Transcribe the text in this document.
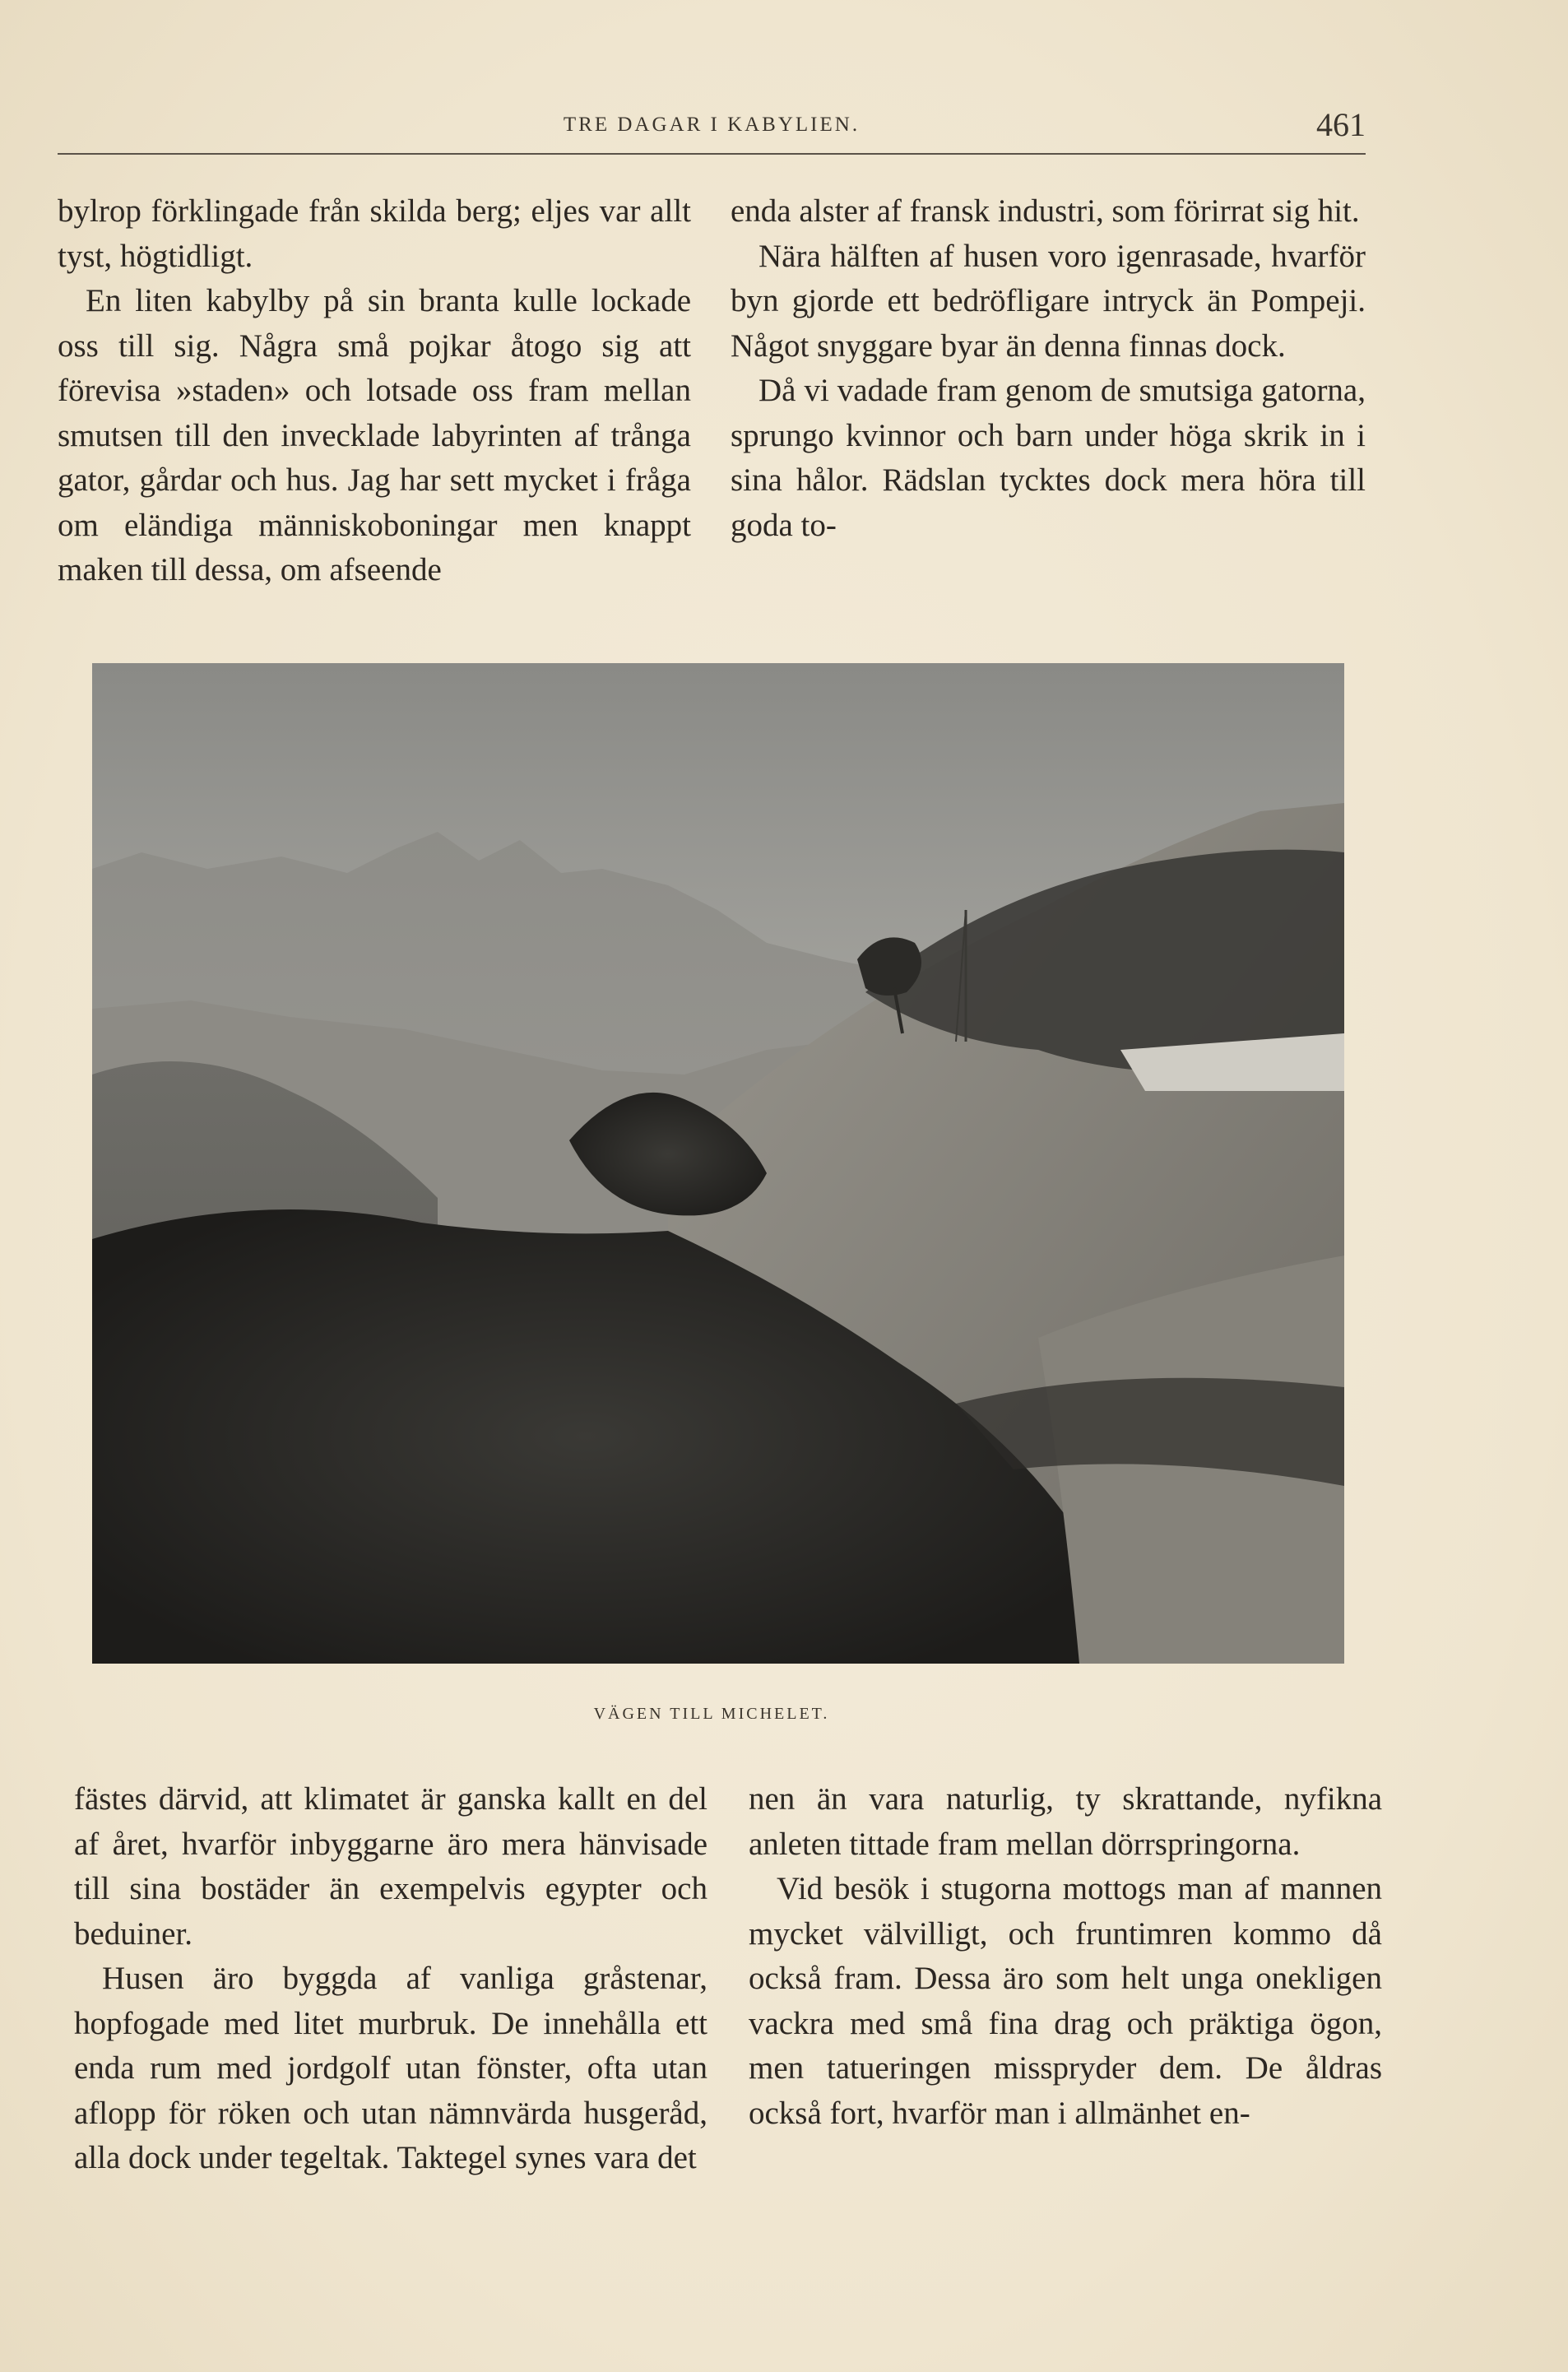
TRE DAGAR I KABYLIEN.	461

bylrop förklingade från skilda berg; eljes var allt tyst, högtidligt.

En liten kabylby på sin branta kulle lockade oss till sig. Några små pojkar åtogo sig att förevisa »staden» och lotsade oss fram mellan smutsen till den invecklade labyrinten af trånga gator, gårdar och hus. Jag har sett mycket i fråga om eländiga människoboningar men knappt maken till dessa, om afseende

enda alster af fransk industri, som förirrat sig hit.

Nära hälften af husen voro igenrasade, hvarför byn gjorde ett bedröfligare intryck än Pompeji. Något snyggare byar än denna finnas dock.

Då vi vadade fram genom de smutsiga gatorna, sprungo kvinnor och barn under höga skrik in i sina hålor. Rädslan tycktes dock mera höra till goda to-

VÄGEN TILL MICHELET.

fästes därvid, att klimatet är ganska kallt en del af året, hvarför inbyggarne äro mera hänvisade till sina bostäder än exempelvis egypter och beduiner.

Husen äro byggda af vanliga gråstenar, hopfogade med litet murbruk. De innehålla ett enda rum med jordgolf utan fönster, ofta utan aflopp för röken och utan nämnvärda husgeråd, alla dock under tegeltak. Taktegel synes vara det

nen än vara naturlig, ty skrattande, nyfikna anleten tittade fram mellan dörrspringorna.

Vid besök i stugorna mottogs man af mannen mycket välvilligt, och fruntimren kommo då också fram. Dessa äro som helt unga onekligen vackra med små fina drag och präktiga ögon, men tatueringen misspryder dem. De åldras också fort, hvarför man i allmänhet en-
